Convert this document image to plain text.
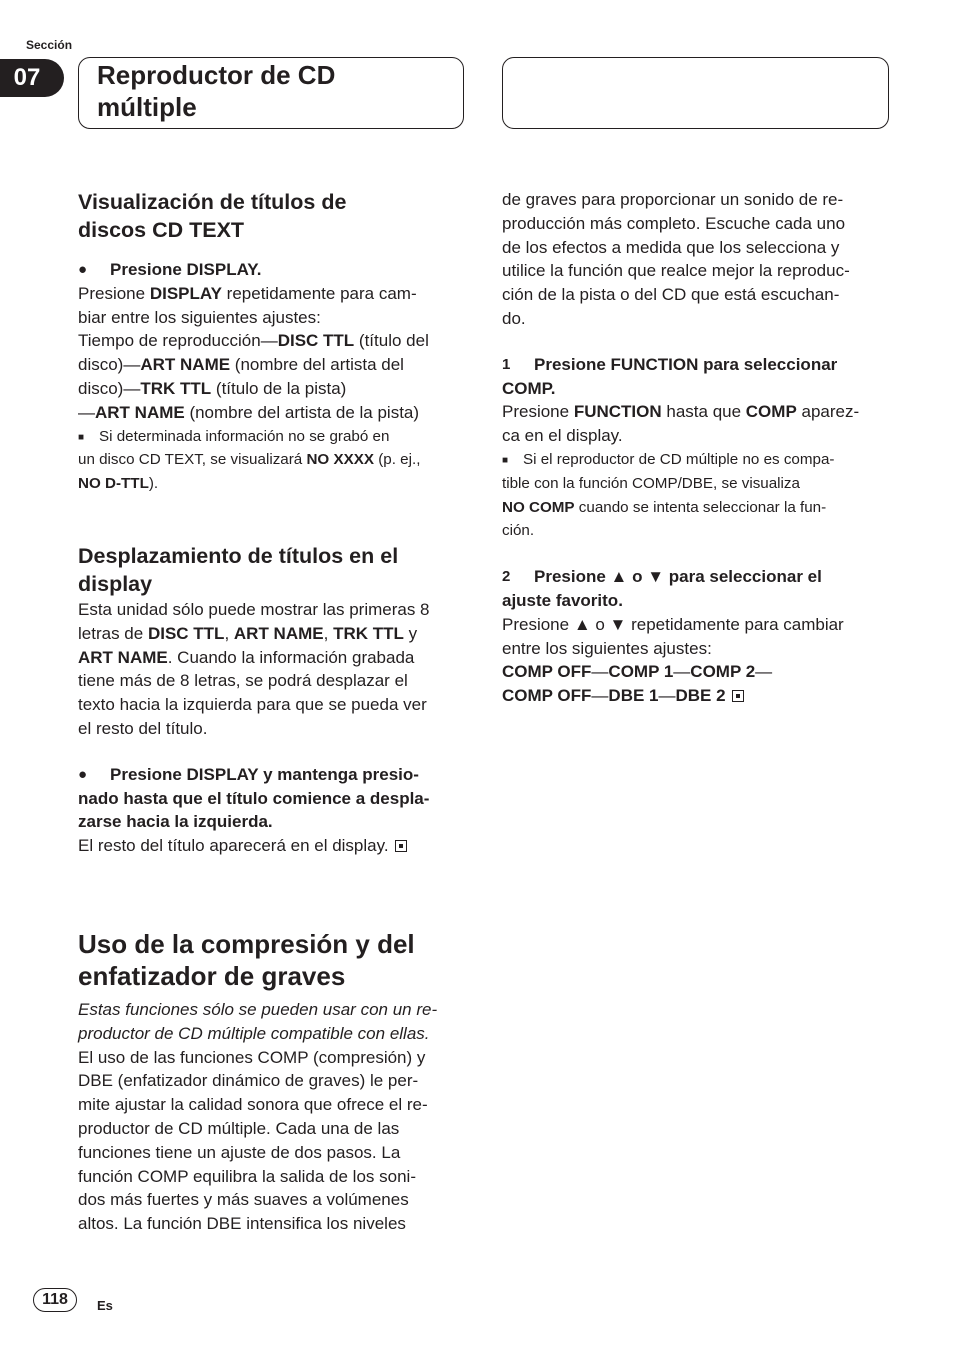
Sección
07	Reproductor de CD
múltiple
Visualización de títulos de
discos CD TEXT
●	Presione DISPLAY.

Presione DISPLAY repetidamente para cam-

biar entre los siguientes ajustes:

Tiempo de reproducción—DISC TTL (título del

disco)—ART NAME (nombre del artista del

disco)—TRK TTL (título de la pista)

—ART NAME (nombre del artista de la pista)

■ Si determinada información no se grabó en

un disco CD TEXT, se visualizará NO XXXX (p. ej.,

NO D-TTL).

Desplazamiento de títulos en el
display

Esta unidad sólo puede mostrar las primeras 8

letras de DISC TTL, ART NAME, TRK TTL y

ART NAME. Cuando la información grabada

tiene más de 8 letras, se podrá desplazar el

texto hacia la izquierda para que se pueda ver

el resto del título.

●	Presione DISPLAY y mantenga presio-

nado hasta que el título comience a despla-

zarse hacia la izquierda.

El resto del título aparecerá en el display.

Uso de la compresión y del
enfatizador de graves

Estas funciones sólo se pueden usar con un re-

productor de CD múltiple compatible con ellas.

El uso de las funciones COMP (compresión) y

DBE (enfatizador dinámico de graves) le per-

mite ajustar la calidad sonora que ofrece el re-

productor de CD múltiple. Cada una de las

funciones tiene un ajuste de dos pasos. La

función COMP equilibra la salida de los soni-

dos más fuertes y más suaves a volúmenes

altos. La función DBE intensifica los niveles

de graves para proporcionar un sonido de re-

producción más completo. Escuche cada uno

de los efectos a medida que los selecciona y

utilice la función que realce mejor la reproduc-

ción de la pista o del CD que está escuchan-

do.

1	Presione FUNCTION para seleccionar

COMP.

Presione FUNCTION hasta que COMP aparez-

ca en el display.

■ Si el reproductor de CD múltiple no es compa-

tible con la función COMP/DBE, se visualiza

NO COMP cuando se intenta seleccionar la fun-

ción.

2	Presione ▲ o ▼ para seleccionar el

ajuste favorito.

Presione ▲ o ▼ repetidamente para cambiar

entre los siguientes ajustes:

COMP OFF—COMP 1—COMP 2—

COMP OFF—DBE 1—DBE 2

118	Es
